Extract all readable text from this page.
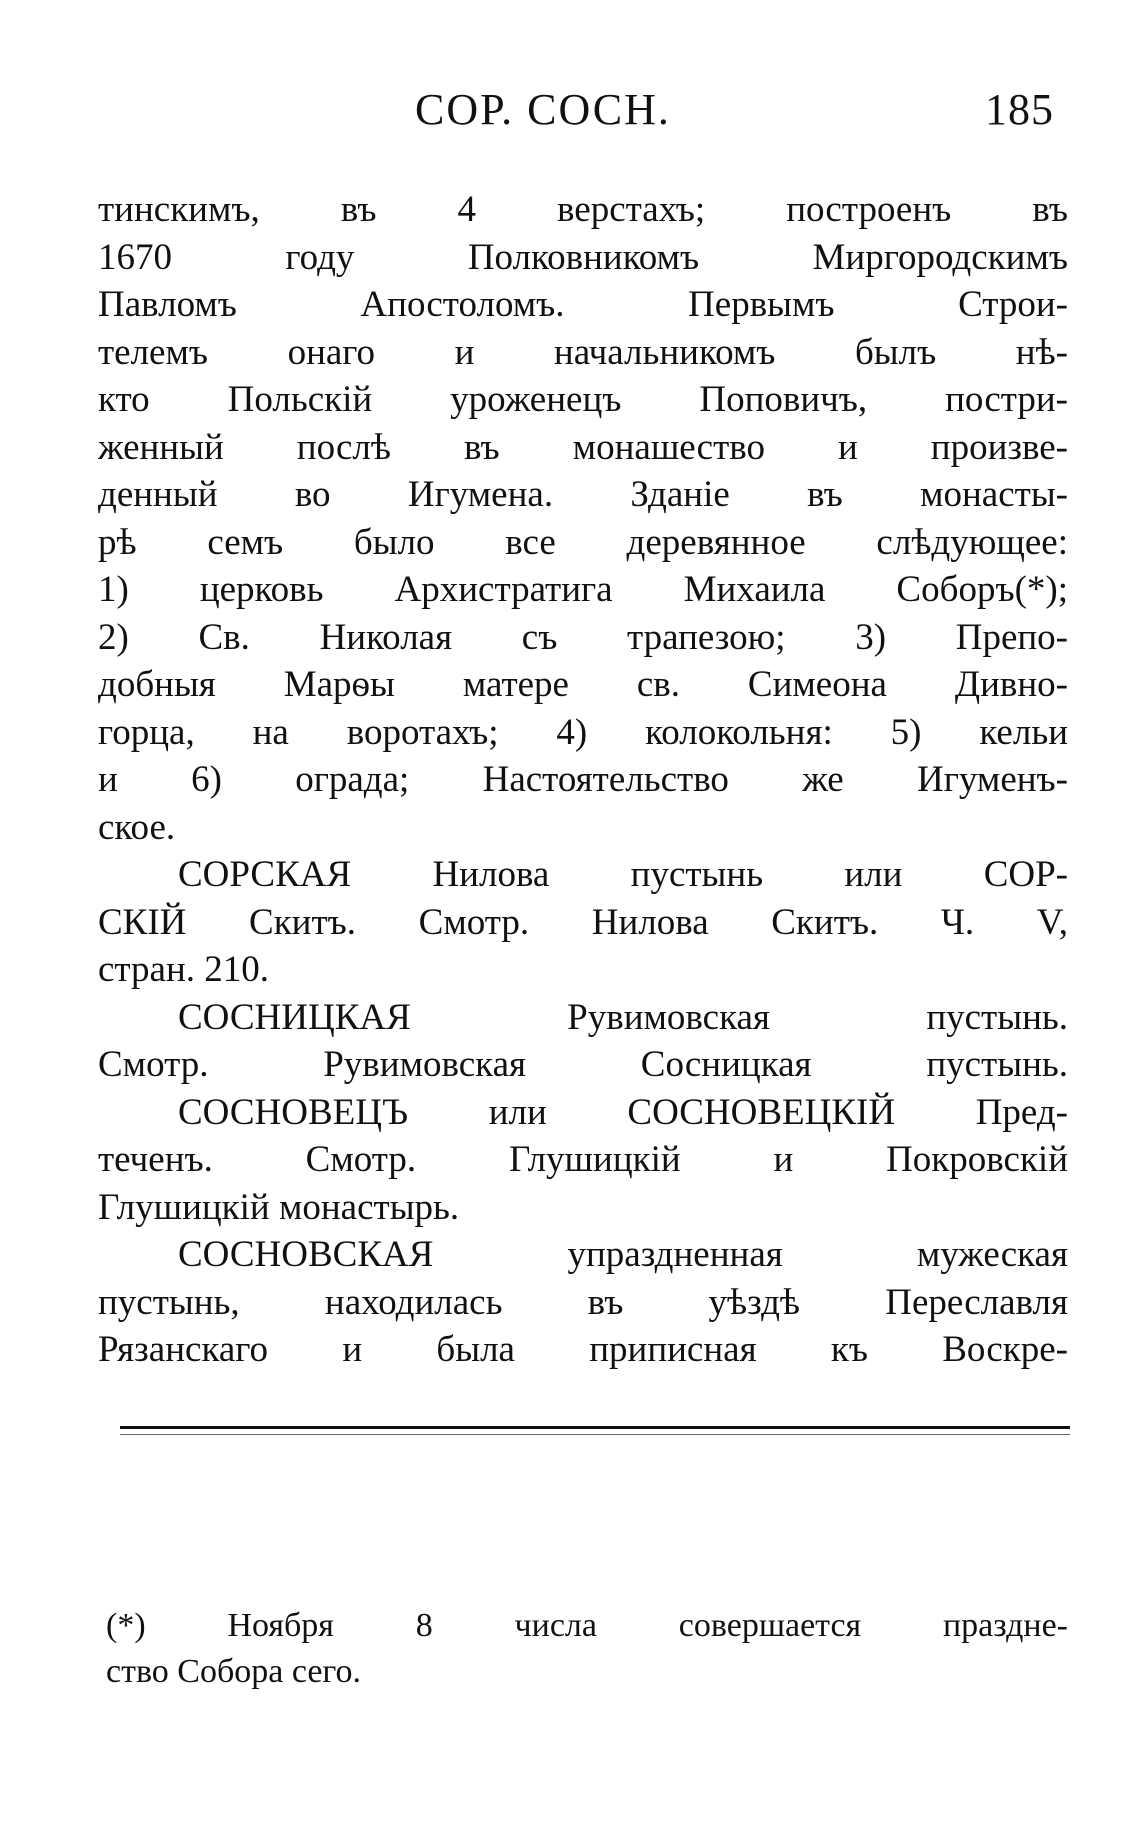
СОР. СОСН.	185
тинскимъ, въ 4 верстахъ; построенъ въ
1670 году Полковникомъ Миргородскимъ
Павломъ Апостоломъ. Первымъ Строи-
телемъ онаго и начальникомъ былъ нѣ-
кто Польскій уроженецъ Поповичъ, постри-
женный послѣ въ монашество и произве-
денный во Игумена. Зданіе въ монасты-
рѣ семъ было все деревянное слѣдующее:
1) церковь Архистратига Михаила Соборъ(*);
2) Св. Николая съ трапезою; 3) Препо-
добныя Марѳы матере св. Симеона Дивно-
горца, на воротахъ; 4) колокольня: 5) кельи
и 6) ограда; Настоятельство же Игуменъ-
ское.
СОРСКАЯ Нилова пустынь или СОР-
СКІЙ Скитъ. Смотр. Нилова Скитъ. Ч. V,
стран. 210.
СОСНИЦКАЯ Рувимовская пустынь.
Смотр. Рувимовская Сосницкая пустынь.
СОСНОВЕЦЪ или СОСНОВЕЦКІЙ Пред-
теченъ. Смотр. Глушицкій и Покровскій
Глушицкій монастырь.
СОСНОВСКАЯ упраздненная мужеская
пустынь, находилась въ уѣздѣ Переславля
Рязанскаго и была приписная къ Воскре-
(*) Ноября 8 числа совершается праздне-
ство Собора сего.
